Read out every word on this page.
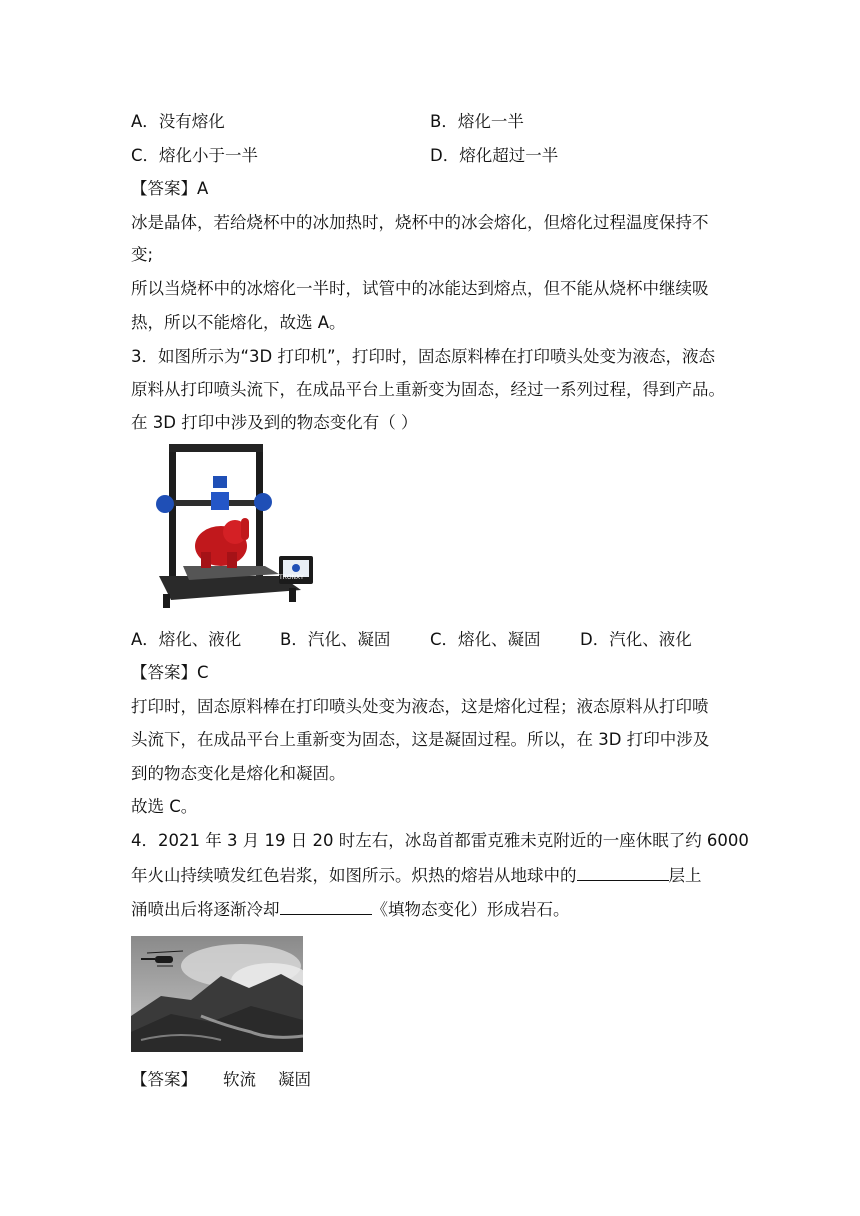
A．没有熔化	B．熔化一半
C．熔化小于一半	D．熔化超过一半
【答案】A
冰是晶体，若给烧杯中的冰加热时，烧杯中的冰会熔化，但熔化过程温度保持不
变;
所以当烧杯中的冰熔化一半时，试管中的冰能达到熔点，但不能从烧杯中继续吸
热，所以不能熔化，故选 A。
3．如图所示为“3D 打印机”，打印时，固态原料棒在打印喷头处变为液态，液态
原料从打印喷头流下，在成品平台上重新变为固态，经过一系列过程，得到产品。
在 3D 打印中涉及到的物态变化有（ ）
TRONXY
A．熔化、液化 B．汽化、凝固 C．熔化、凝固 D．汽化、液化
【答案】C
打印时，固态原料棒在打印喷头处变为液态，这是熔化过程；液态原料从打印喷
头流下，在成品平台上重新变为固态，这是凝固过程。所以，在 3D 打印中涉及
到的物态变化是熔化和凝固。
故选 C。
4．2021 年 3 月 19 日 20 时左右，冰岛首都雷克雅未克附近的一座休眠了约 6000
年火山持续喷发红色岩浆，如图所示。炽热的熔岩从地球中的	层上
涌喷出后将逐渐冷却	《填物态变化）形成岩石。
【答案】 软流 凝固
